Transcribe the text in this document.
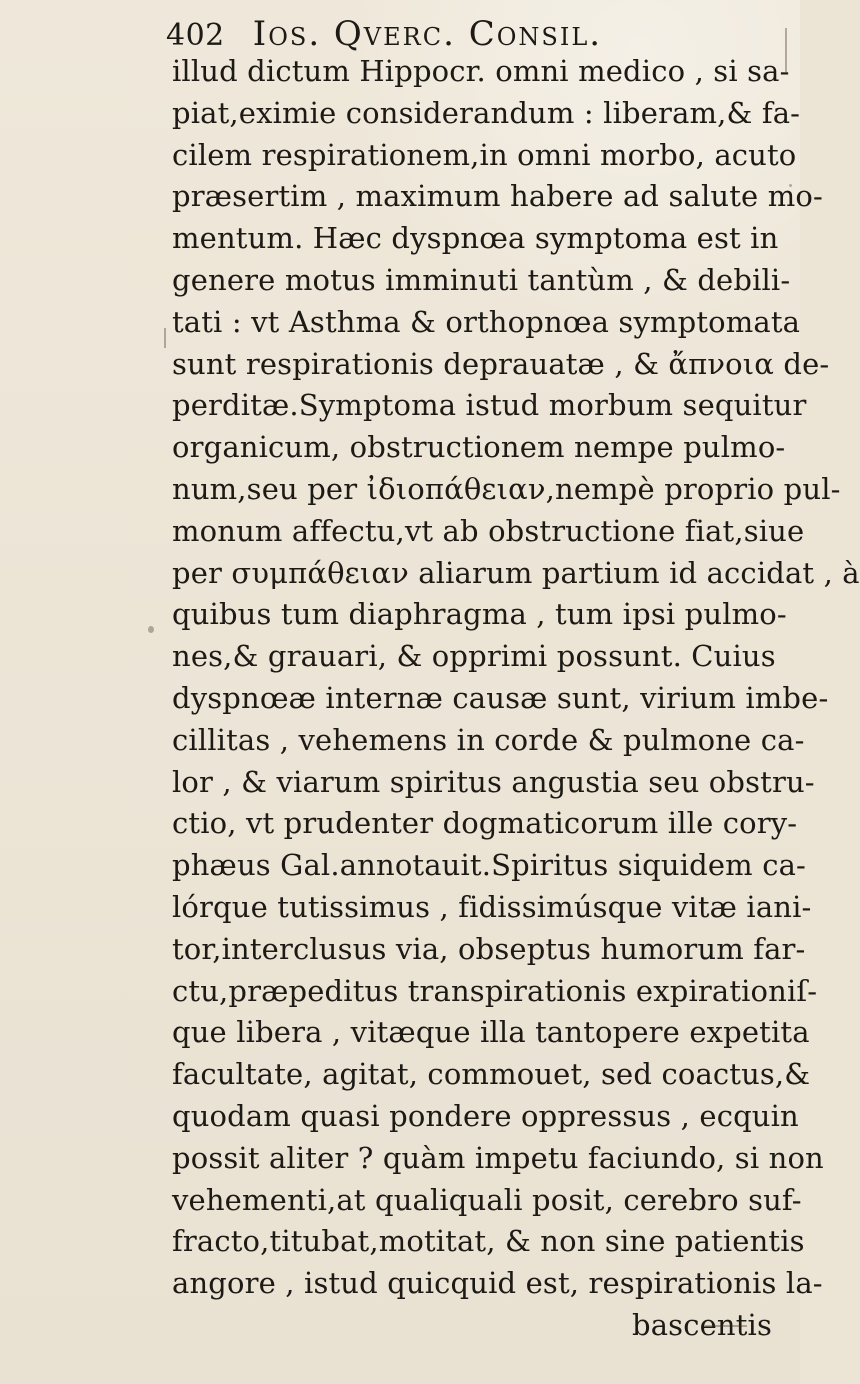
402 Ios. Qverc. Consil.
illud dictum Hippocr. omni medico , si sa-
piat,eximie considerandum : liberam,& fa-
cilem respirationem,in omni morbo, acuto
præsertim , maximum habere ad salute mo-
mentum. Hæc dyspnœa symptoma est in
genere motus imminuti tantùm , & debili-
tati : vt Asthma & orthopnœa symptomata
sunt respirationis deprauatæ , & ἄπνοια de-
perditæ.Symptoma istud morbum sequitur
organicum, obstructionem nempe pulmo-
num,seu per ἰδιοπάθειαν,nempè proprio pul-
monum affectu,vt ab obstructione fiat,siue
per συμπάθειαν aliarum partium id accidat , à
quibus tum diaphragma , tum ipsi pulmo-
nes,& grauari, & opprimi possunt. Cuius
dyspnœæ internæ causæ sunt, virium imbe-
cillitas , vehemens in corde & pulmone ca-
lor , & viarum spiritus angustia seu obstru-
ctio, vt prudenter dogmaticorum ille cory-
phæus Gal.annotauit.Spiritus siquidem ca-
lórque tutissimus , fidissimúsque vitæ iani-
tor,interclusus via, obseptus humorum far-
ctu,præpeditus transpirationis expirationiſ-
que libera , vitæque illa tantopere expetita
facultate, agitat, commouet, sed coactus,&
quodam quasi pondere oppressus , ecquin
possit aliter ? quàm impetu faciundo, si non
vehementi,at qualiquali posit, cerebro suf-
fracto,titubat,motitat, & non sine patientis
angore , istud quicquid est, respirationis la-
bascentis
